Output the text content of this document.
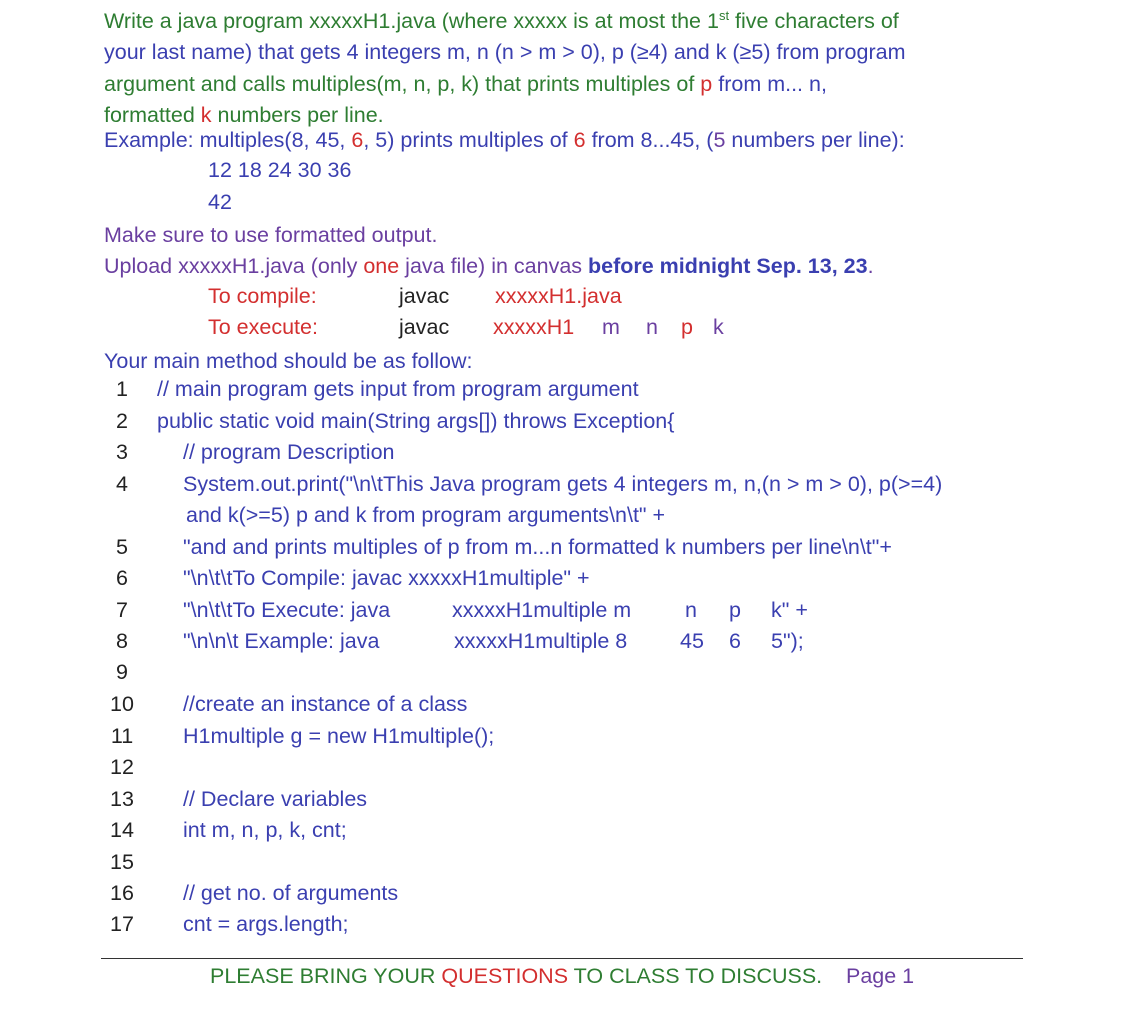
Write a java program xxxxxH1.java (where xxxxx is at most the 1st five characters of
your last name) that gets 4 integers m, n (n > m > 0), p (≥4) and k (≥5) from program
argument and calls multiples(m, n, p, k) that prints multiples of p from m... n,
formatted k numbers per line.
Example: multiples(8, 45, 6, 5) prints multiples of 6 from 8...45, (5 numbers per line):
12 18 24 30 36
42
Make sure to use formatted output.
Upload xxxxxH1.java (only one java file) in canvas before midnight Sep. 13, 23.
To compile:	javac xxxxxH1.java
To execute:	javac xxxxxH1 m n p k
Your main method should be as follow:
1	// main program gets input from program argument
2	public static void main(String args[]) throws Exception{
3	// program Description
4	System.out.print("\n\tThis Java program gets 4 integers m, n,(n > m > 0), p(>=4)
and k(>=5) p and k from program arguments\n\t" +
5	"and and prints multiples of p from m...n formatted k numbers per line\n\t"+
6	"\n\t\tTo Compile: javac xxxxxH1multiple" +
7	"\n\t\tTo Execute: java	xxxxxH1multiple m	n p k" +
8	"\n\n\t Example: java	xxxxxH1multiple 8 45 6 5");
9
10	//create an instance of a class
11	H1multiple g = new H1multiple();
12
13	// Declare variables
14	int m, n, p, k, cnt;
15
16	// get no. of arguments
17	cnt = args.length;
PLEASE BRING YOUR QUESTIONS TO CLASS TO DISCUSS. Page 1
